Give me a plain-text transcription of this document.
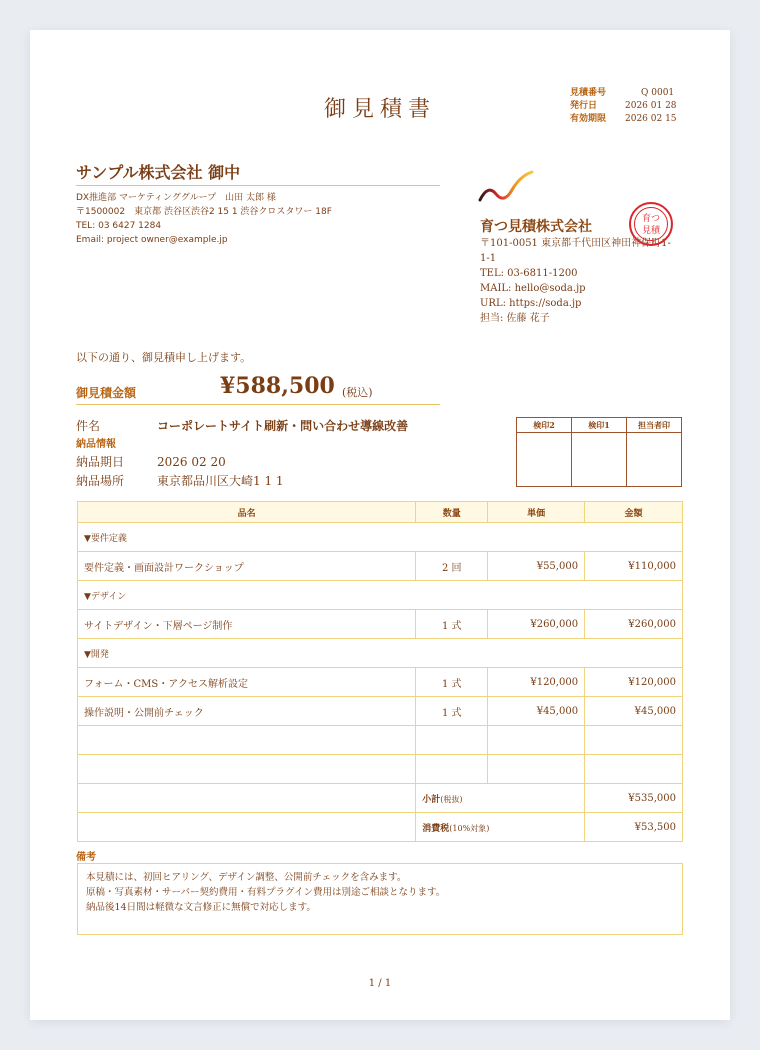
御見積書
見積番号	Q 0001
発行日	2026 01 28
有効期限	2026 02 15
サンプル株式会社 御中
DX推進部 マーケティンググループ　山田 太郎 様
〒1500002　東京都 渋谷区渋谷2 15 1 渋谷クロスタワー 18F
TEL: 03 6427 1284
Email: project owner@example.jp
育つ見積株式会社
〒101-0051 東京都千代田区神田神保町1-
1-1
TEL: 03-6811-1200
MAIL: hello@soda.jp
URL: https://soda.jp
担当: 佐藤 花子
育つ
見積
以下の通り、御見積申し上げます。
御見積金額	¥588,500 (税込)
件名	コーポレートサイト刷新・問い合わせ導線改善
納品情報
納品期日	2026 02 20
納品場所	東京都品川区大崎1 1 1
検印2	検印1	担当者印

品名	数量	単価	金額
▼要件定義			
要件定義・画面設計ワークショップ	2 回	¥55,000	¥110,000
▼デザイン			
サイトデザイン・下層ページ制作	1 式	¥260,000	¥260,000
▼開発			
フォーム・CMS・アクセス解析設定	1 式	¥120,000	¥120,000
操作説明・公開前チェック	1 式	¥45,000	¥45,000

	小計(税抜)		¥535,000
	消費税(10%対象)		¥53,500
備考
本見積には、初回ヒアリング、デザイン調整、公開前チェックを含みます。
原稿・写真素材・サーバー契約費用・有料プラグイン費用は別途ご相談となります。
納品後14日間は軽微な文言修正に無償で対応します。
1 / 1
